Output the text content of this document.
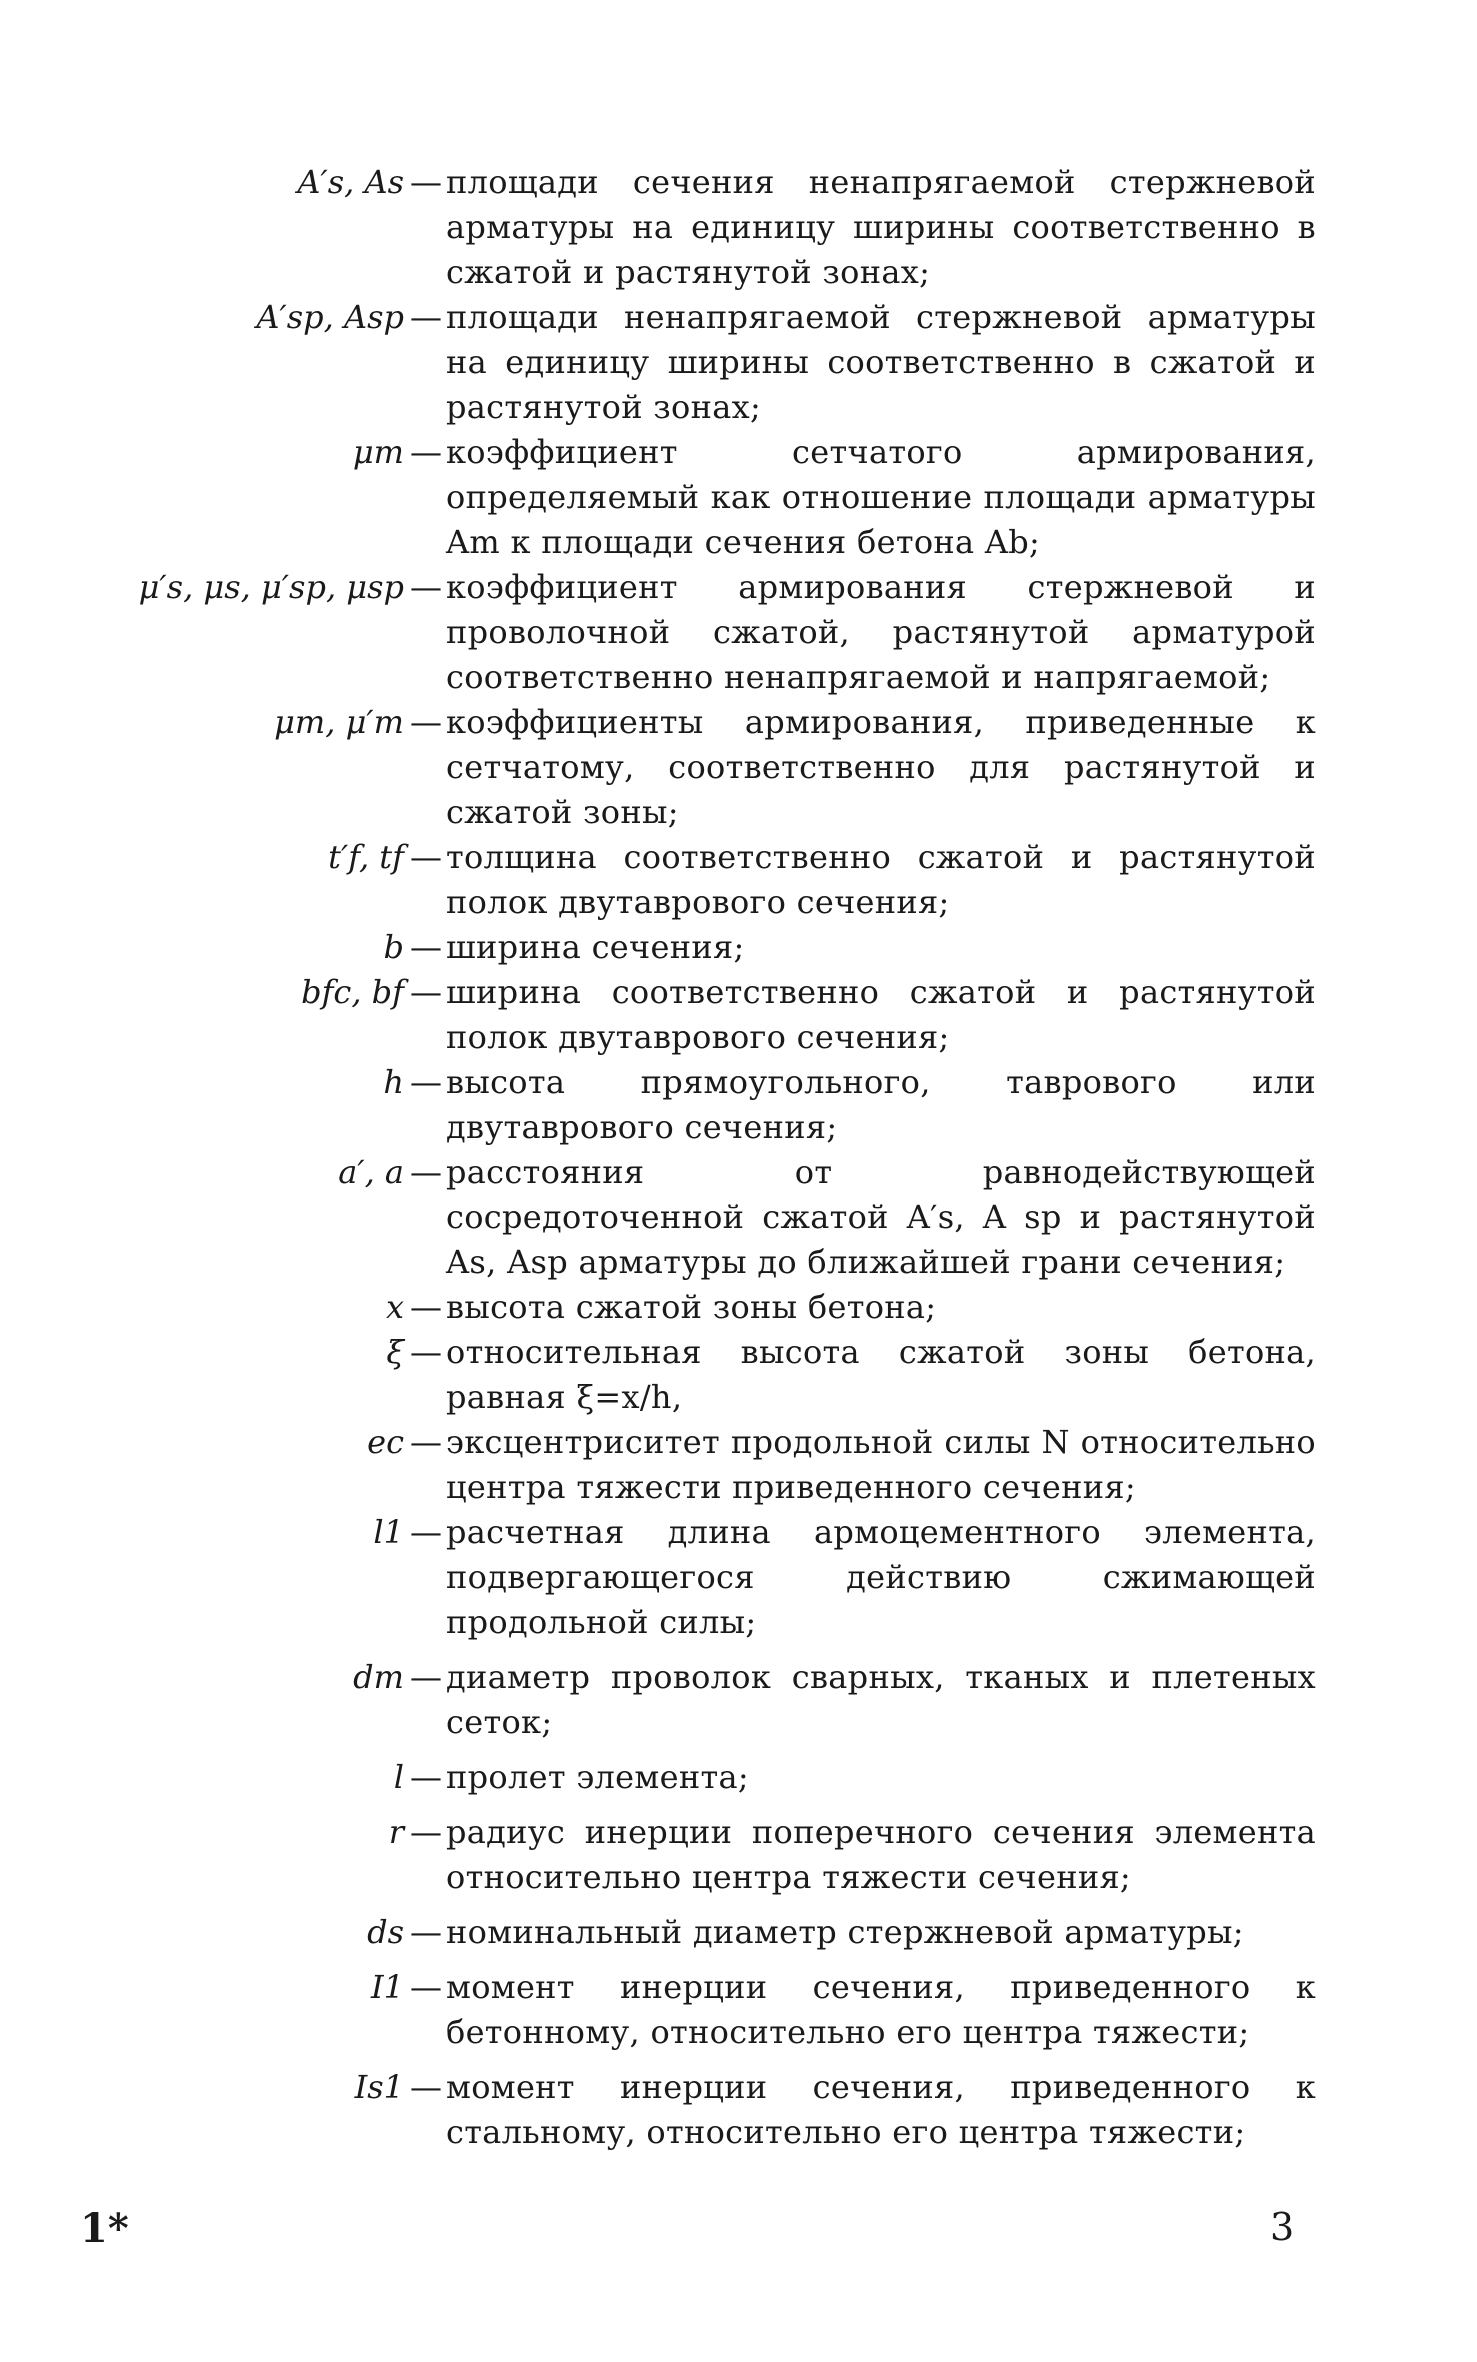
A′s, As — площади сечения ненапрягаемой стержневой арматуры на единицу ширины соответственно в сжатой и растянутой зонах;
A′sp, Asp — площади ненапрягаемой стержневой арматуры на единицу ширины соответственно в сжатой и растянутой зонах;
μm — коэффициент сетчатого армирования, определяемый как отношение площади арматуры Am к площади сечения бетона Ab;
μ′s, μs, μ′sp, μsp — коэффициент армирования стержневой и проволочной сжатой, растянутой арматурой соответственно ненапрягаемой и напрягаемой;
μm, μ′m — коэффициенты армирования, приведенные к сетчатому, соответственно для растянутой и сжатой зоны;
t′f, tf — толщина соответственно сжатой и растянутой полок двутаврового сечения;
b — ширина сечения;
bfc, bf — ширина соответственно сжатой и растянутой полок двутаврового сечения;
h — высота прямоугольного, таврового или двутаврового сечения;
a′, a — расстояния от равнодействующей сосредоточенной сжатой A′s, A sp и растянутой As, Asp арматуры до ближайшей грани сечения;
x — высота сжатой зоны бетона;
ξ — относительная высота сжатой зоны бетона, равная ξ=x/h,
ec — эксцентриситет продольной силы N относительно центра тяжести приведенного сечения;
l1 — расчетная длина армоцементного элемента, подвергающегося действию сжимающей продольной силы;
dm — диаметр проволок сварных, тканых и плетеных сеток;
l — пролет элемента;
r — радиус инерции поперечного сечения элемента относительно центра тяжести сечения;
ds — номинальный диаметр стержневой арматуры;
I1 — момент инерции сечения, приведенного к бетонному, относительно его центра тяжести;
Is1 — момент инерции сечения, приведенного к стальному, относительно его центра тяжести;
1*	3
